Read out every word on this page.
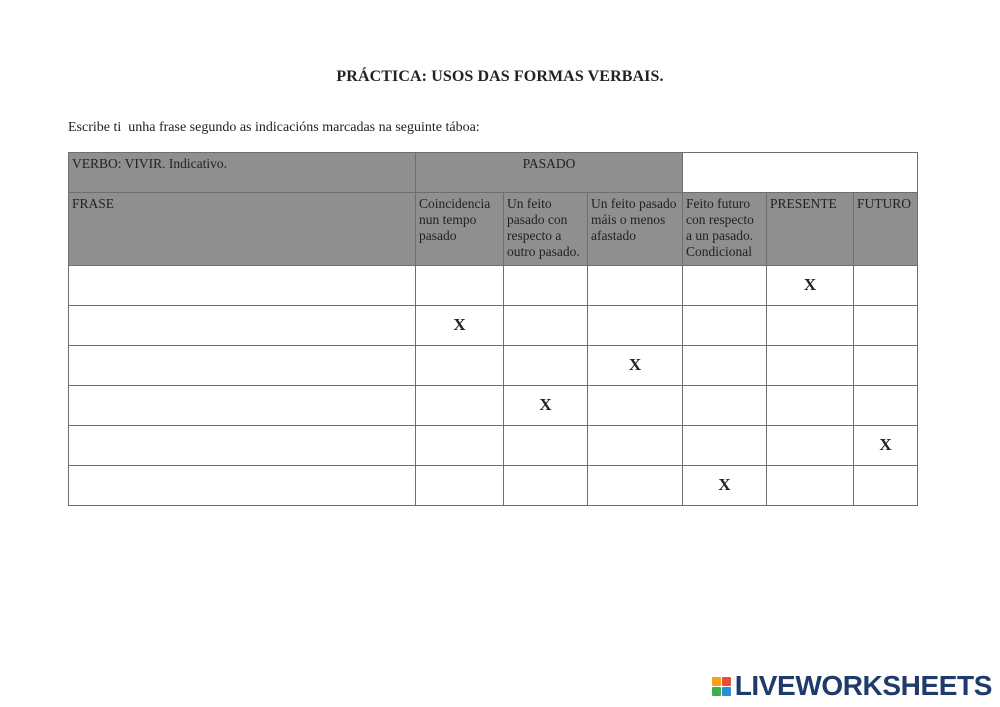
PRÁCTICA: USOS DAS FORMAS VERBAIS.
Escribe ti  unha frase segundo as indicacións marcadas na seguinte táboa:
VERBO: VIVIR. Indicativo.	PASADO					

FRASE	Coincidencia nun tempo pasado	Un feito pasado con respecto a outro pasado.	Un feito pasado máis o menos afastado	Feito futuro con respecto a un pasado. Condicional	PRESENTE	FUTURO

					X	
	X					
			X			
		X				
						X
				X		
LIVEWORKSHEETS
